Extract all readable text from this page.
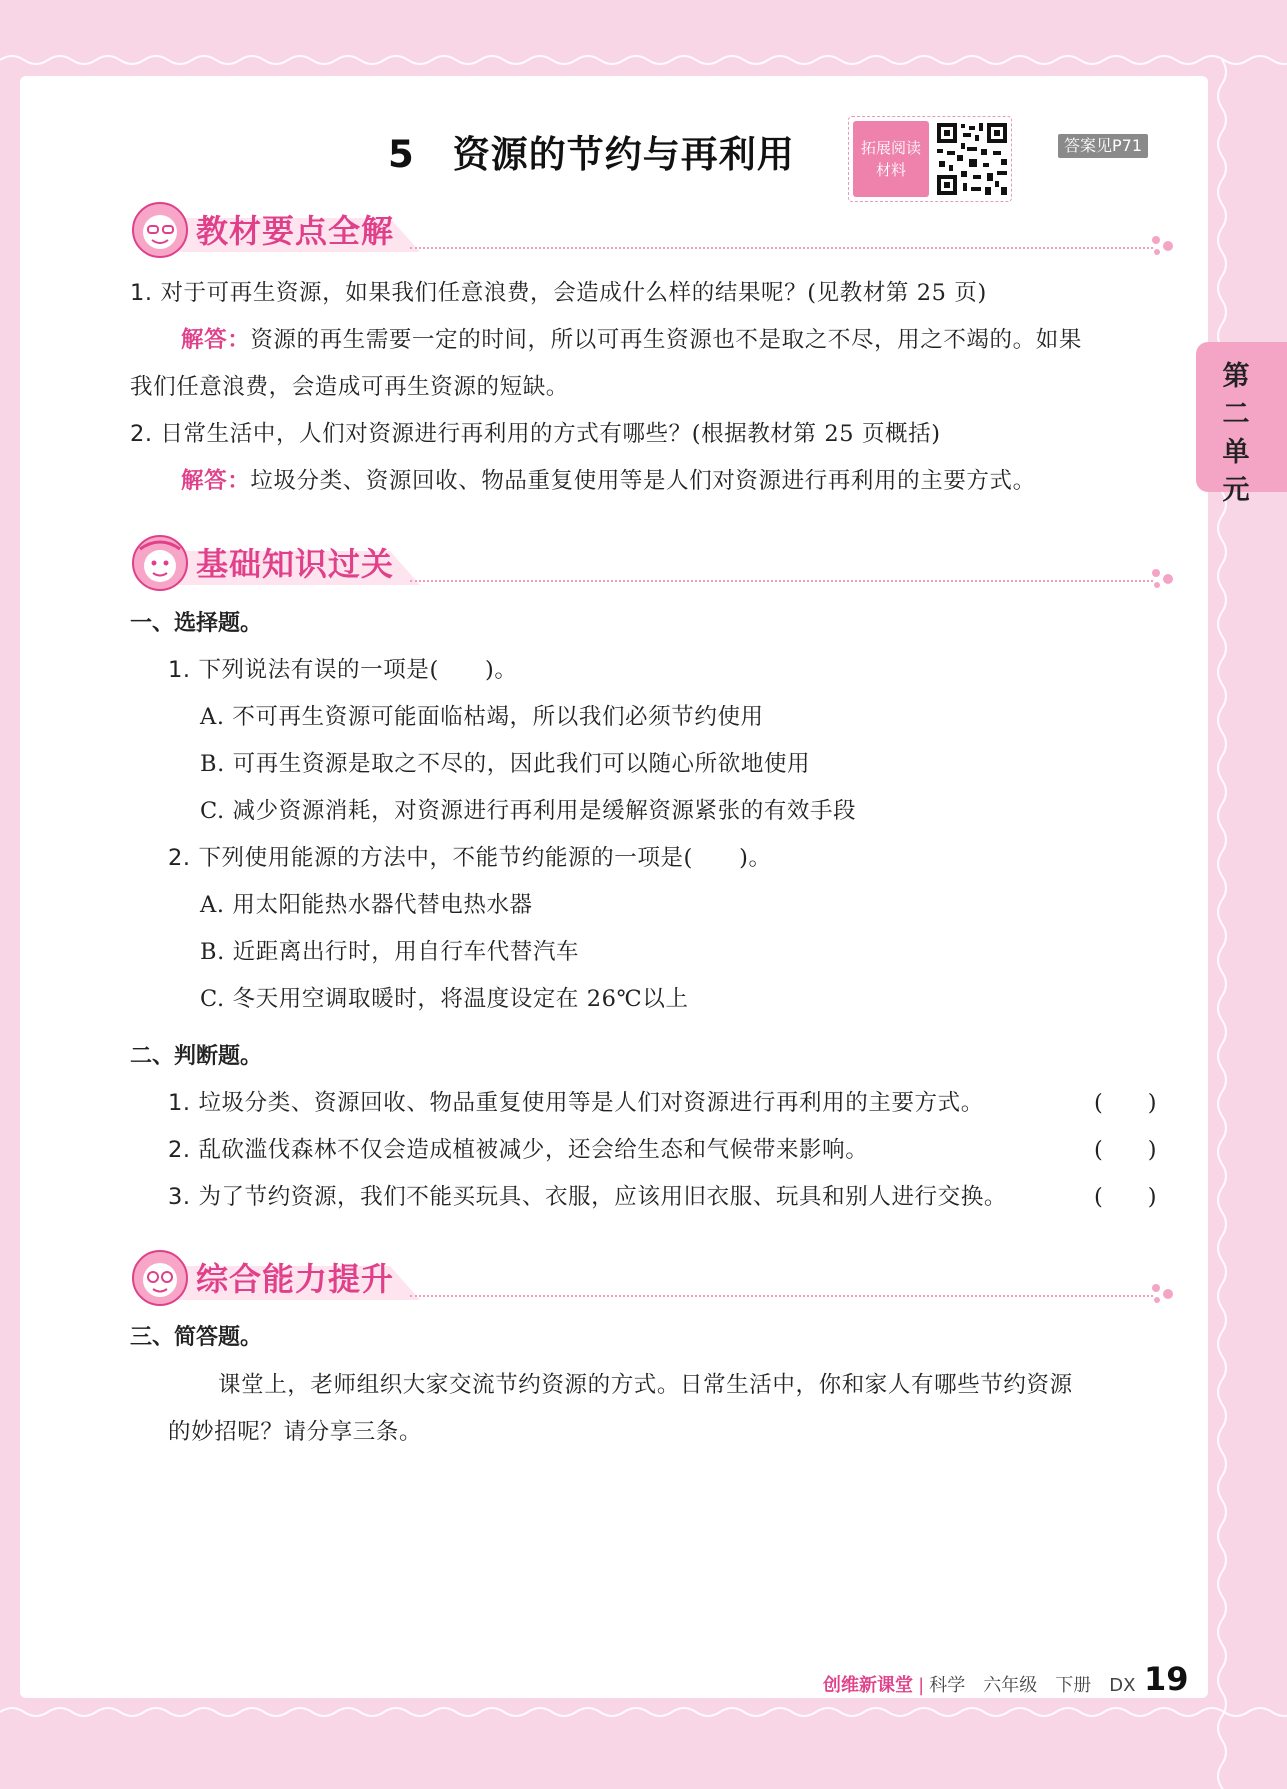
5　资源的节约与再利用	拓展阅读材料
答案见P71
第二单元
教材要点全解
1. 对于可再生资源，如果我们任意浪费，会造成什么样的结果呢？(见教材第 25 页)
解答：资源的再生需要一定的时间，所以可再生资源也不是取之不尽，用之不竭的。如果
我们任意浪费，会造成可再生资源的短缺。
2. 日常生活中，人们对资源进行再利用的方式有哪些？(根据教材第 25 页概括)
解答：垃圾分类、资源回收、物品重复使用等是人们对资源进行再利用的主要方式。
基础知识过关
一、选择题。
1. 下列说法有误的一项是(　　)。
A. 不可再生资源可能面临枯竭，所以我们必须节约使用
B. 可再生资源是取之不尽的，因此我们可以随心所欲地使用
C. 减少资源消耗，对资源进行再利用是缓解资源紧张的有效手段
2. 下列使用能源的方法中，不能节约能源的一项是(　　)。
A. 用太阳能热水器代替电热水器
B. 近距离出行时，用自行车代替汽车
C. 冬天用空调取暖时，将温度设定在 26℃以上
二、判断题。
1. 垃圾分类、资源回收、物品重复使用等是人们对资源进行再利用的主要方式。	(　　)
2. 乱砍滥伐森林不仅会造成植被减少，还会给生态和气候带来影响。	(　　)
3. 为了节约资源，我们不能买玩具、衣服，应该用旧衣服、玩具和别人进行交换。	(　　)
综合能力提升
三、简答题。
课堂上，老师组织大家交流节约资源的方式。日常生活中，你和家人有哪些节约资源
的妙招呢？请分享三条。
创维新课堂 | 科学　六年级　下册　DX 19
